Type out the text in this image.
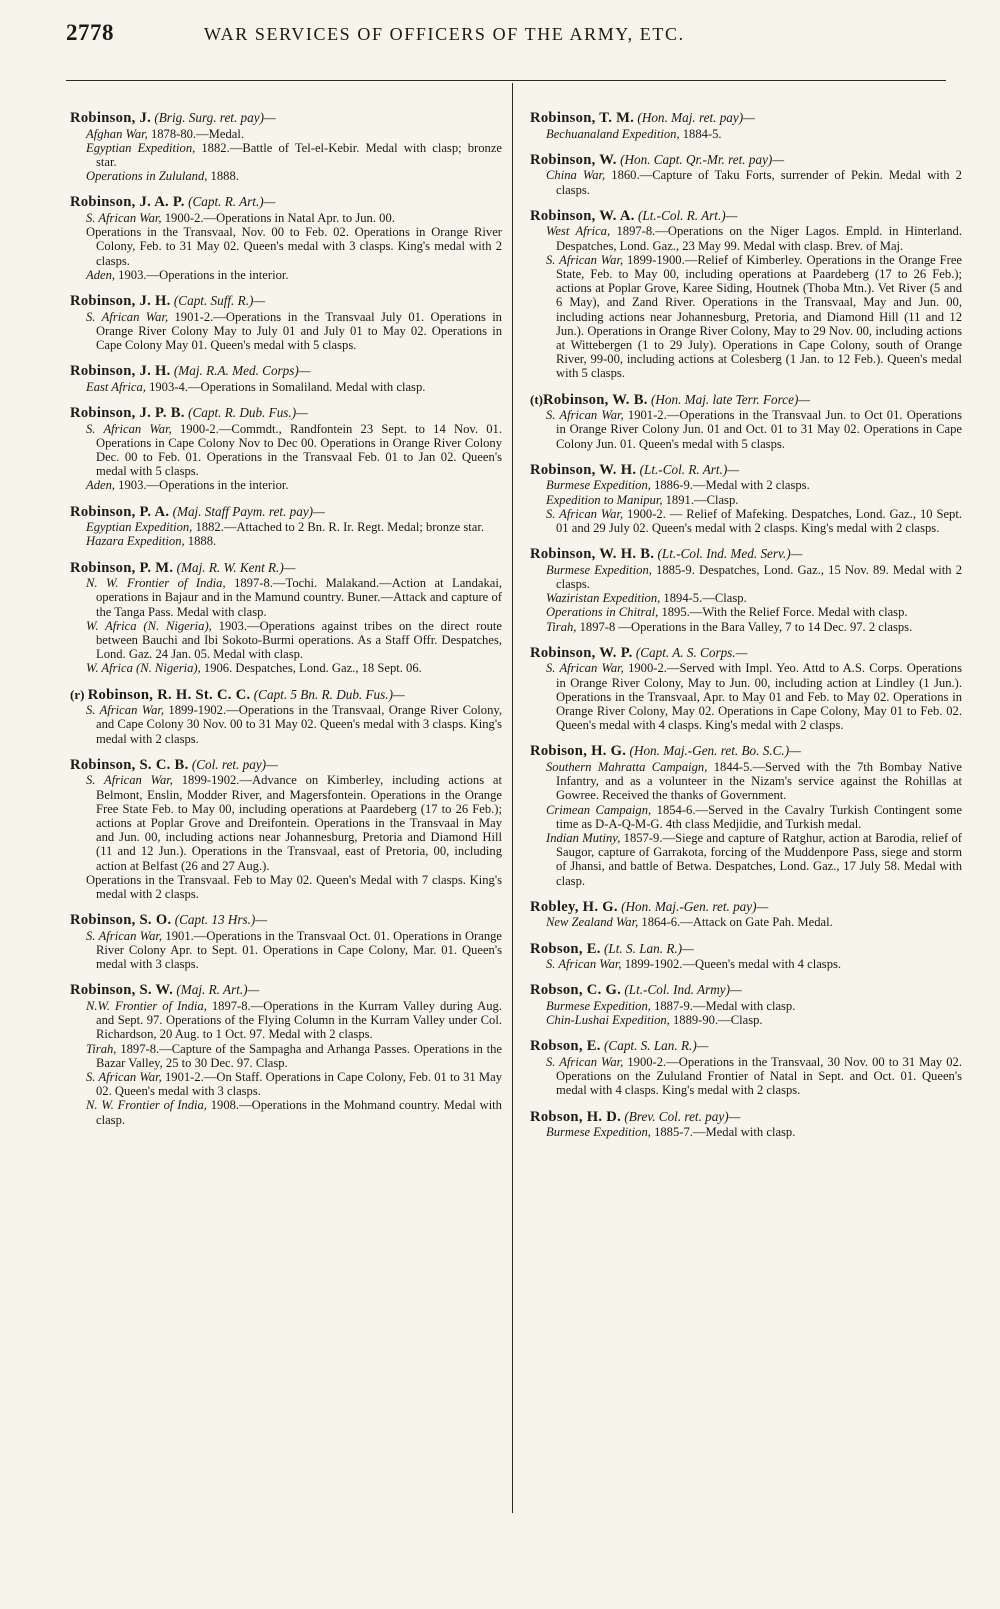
2778	WAR SERVICES OF OFFICERS OF THE ARMY, ETC.
Robinson, J. (Brig. Surg. ret. pay)—

Afghan War, 1878-80.—Medal.

Egyptian Expedition, 1882.—Battle of Tel-el-Kebir. Medal with clasp; bronze star.

Operations in Zululand, 1888.

Robinson, J. A. P. (Capt. R. Art.)—

S. African War, 1900-2.—Operations in Natal Apr. to Jun. 00.

Operations in the Transvaal, Nov. 00 to Feb. 02. Operations in Orange River Colony, Feb. to 31 May 02. Queen's medal with 3 clasps. King's medal with 2 clasps.

Aden, 1903.—Operations in the interior.

Robinson, J. H. (Capt. Suff. R.)—

S. African War, 1901-2.—Operations in the Transvaal July 01. Operations in Orange River Colony May to July 01 and July 01 to May 02. Operations in Cape Colony May 01. Queen's medal with 5 clasps.

Robinson, J. H. (Maj. R.A. Med. Corps)—

East Africa, 1903-4.—Operations in Somaliland. Medal with clasp.

Robinson, J. P. B. (Capt. R. Dub. Fus.)—

S. African War, 1900-2.—Commdt., Randfontein 23 Sept. to 14 Nov. 01. Operations in Cape Colony Nov to Dec 00. Operations in Orange River Colony Dec. 00 to Feb. 01. Operations in the Transvaal Feb. 01 to Jan 02. Queen's medal with 5 clasps.

Aden, 1903.—Operations in the interior.

Robinson, P. A. (Maj. Staff Paym. ret. pay)—

Egyptian Expedition, 1882.—Attached to 2 Bn. R. Ir. Regt. Medal; bronze star.

Hazara Expedition, 1888.

Robinson, P. M. (Maj. R. W. Kent R.)—

N. W. Frontier of India, 1897-8.—Tochi. Malakand.—Action at Landakai, operations in Bajaur and in the Mamund country. Buner.—Attack and capture of the Tanga Pass. Medal with clasp.

W. Africa (N. Nigeria), 1903.—Operations against tribes on the direct route between Bauchi and Ibi Sokoto-Burmi operations. As a Staff Offr. Despatches, Lond. Gaz. 24 Jan. 05. Medal with clasp.

W. Africa (N. Nigeria), 1906. Despatches, Lond. Gaz., 18 Sept. 06.

(r) Robinson, R. H. St. C. C. (Capt. 5 Bn. R. Dub. Fus.)—

S. African War, 1899-1902.—Operations in the Transvaal, Orange River Colony, and Cape Colony 30 Nov. 00 to 31 May 02. Queen's medal with 3 clasps. King's medal with 2 clasps.

Robinson, S. C. B. (Col. ret. pay)—

S. African War, 1899-1902.—Advance on Kimberley, including actions at Belmont, Enslin, Modder River, and Magersfontein. Operations in the Orange Free State Feb. to May 00, including operations at Paardeberg (17 to 26 Feb.); actions at Poplar Grove and Dreifontein. Operations in the Transvaal in May and Jun. 00, including actions near Johannesburg, Pretoria and Diamond Hill (11 and 12 Jun.). Operations in the Transvaal, east of Pretoria, 00, including action at Belfast (26 and 27 Aug.).

Operations in the Transvaal. Feb to May 02. Queen's Medal with 7 clasps. King's medal with 2 clasps.

Robinson, S. O. (Capt. 13 Hrs.)—

S. African War, 1901.—Operations in the Transvaal Oct. 01. Operations in Orange River Colony Apr. to Sept. 01. Operations in Cape Colony, Mar. 01. Queen's medal with 3 clasps.

Robinson, S. W. (Maj. R. Art.)—

N.W. Frontier of India, 1897-8.—Operations in the Kurram Valley during Aug. and Sept. 97. Operations of the Flying Column in the Kurram Valley under Col. Richardson, 20 Aug. to 1 Oct. 97. Medal with 2 clasps.

Tirah, 1897-8.—Capture of the Sampagha and Arhanga Passes. Operations in the Bazar Valley, 25 to 30 Dec. 97. Clasp.

S. African War, 1901-2.—On Staff. Operations in Cape Colony, Feb. 01 to 31 May 02. Queen's medal with 3 clasps.

N. W. Frontier of India, 1908.—Operations in the Mohmand country. Medal with clasp.

Robinson, T. M. (Hon. Maj. ret. pay)—

Bechuanaland Expedition, 1884-5.

Robinson, W. (Hon. Capt. Qr.-Mr. ret. pay)—

China War, 1860.—Capture of Taku Forts, surrender of Pekin. Medal with 2 clasps.

Robinson, W. A. (Lt.-Col. R. Art.)—

West Africa, 1897-8.—Operations on the Niger Lagos. Empld. in Hinterland. Despatches, Lond. Gaz., 23 May 99. Medal with clasp. Brev. of Maj.

S. African War, 1899-1900.—Relief of Kimberley. Operations in the Orange Free State, Feb. to May 00, including operations at Paardeberg (17 to 26 Feb.); actions at Poplar Grove, Karee Siding, Houtnek (Thoba Mtn.). Vet River (5 and 6 May), and Zand River. Operations in the Transvaal, May and Jun. 00, including actions near Johannesburg, Pretoria, and Diamond Hill (11 and 12 Jun.). Operations in Orange River Colony, May to 29 Nov. 00, including actions at Wittebergen (1 to 29 July). Operations in Cape Colony, south of Orange River, 99-00, including actions at Colesberg (1 Jan. to 12 Feb.). Queen's medal with 5 clasps.

(t)Robinson, W. B. (Hon. Maj. late Terr. Force)—

S. African War, 1901-2.—Operations in the Transvaal Jun. to Oct 01. Operations in Orange River Colony Jun. 01 and Oct. 01 to 31 May 02. Operations in Cape Colony Jun. 01. Queen's medal with 5 clasps.

Robinson, W. H. (Lt.-Col. R. Art.)—

Burmese Expedition, 1886-9.—Medal with 2 clasps.

Expedition to Manipur, 1891.—Clasp.

S. African War, 1900-2. — Relief of Mafeking. Despatches, Lond. Gaz., 10 Sept. 01 and 29 July 02. Queen's medal with 2 clasps. King's medal with 2 clasps.

Robinson, W. H. B. (Lt.-Col. Ind. Med. Serv.)—

Burmese Expedition, 1885-9. Despatches, Lond. Gaz., 15 Nov. 89. Medal with 2 clasps.

Waziristan Expedition, 1894-5.—Clasp.

Operations in Chitral, 1895.—With the Relief Force. Medal with clasp.

Tirah, 1897-8 —Operations in the Bara Valley, 7 to 14 Dec. 97. 2 clasps.

Robinson, W. P. (Capt. A. S. Corps.—

S. African War, 1900-2.—Served with Impl. Yeo. Attd to A.S. Corps. Operations in Orange River Colony, May to Jun. 00, including action at Lindley (1 Jun.). Operations in the Transvaal, Apr. to May 01 and Feb. to May 02. Operations in Orange River Colony, May 02. Operations in Cape Colony, May 01 to Feb. 02. Queen's medal with 4 clasps. King's medal with 2 clasps.

Robison, H. G. (Hon. Maj.-Gen. ret. Bo. S.C.)—

Southern Mahratta Campaign, 1844-5.—Served with the 7th Bombay Native Infantry, and as a volunteer in the Nizam's service against the Rohillas at Gowree. Received the thanks of Government.

Crimean Campaign, 1854-6.—Served in the Cavalry Turkish Contingent some time as D-A-Q-M-G. 4th class Medjidie, and Turkish medal.

Indian Mutiny, 1857-9.—Siege and capture of Ratghur, action at Barodia, relief of Saugor, capture of Garrakota, forcing of the Muddenpore Pass, siege and storm of Jhansi, and battle of Betwa. Despatches, Lond. Gaz., 17 July 58. Medal with clasp.

Robley, H. G. (Hon. Maj.-Gen. ret. pay)—

New Zealand War, 1864-6.—Attack on Gate Pah. Medal.

Robson, E. (Lt. S. Lan. R.)—

S. African War, 1899-1902.—Queen's medal with 4 clasps.

Robson, C. G. (Lt.-Col. Ind. Army)—

Burmese Expedition, 1887-9.—Medal with clasp.

Chin-Lushai Expedition, 1889-90.—Clasp.

Robson, E. (Capt. S. Lan. R.)—

S. African War, 1900-2.—Operations in the Transvaal, 30 Nov. 00 to 31 May 02. Operations on the Zululand Frontier of Natal in Sept. and Oct. 01. Queen's medal with 4 clasps. King's medal with 2 clasps.

Robson, H. D. (Brev. Col. ret. pay)—

Burmese Expedition, 1885-7.—Medal with clasp.
